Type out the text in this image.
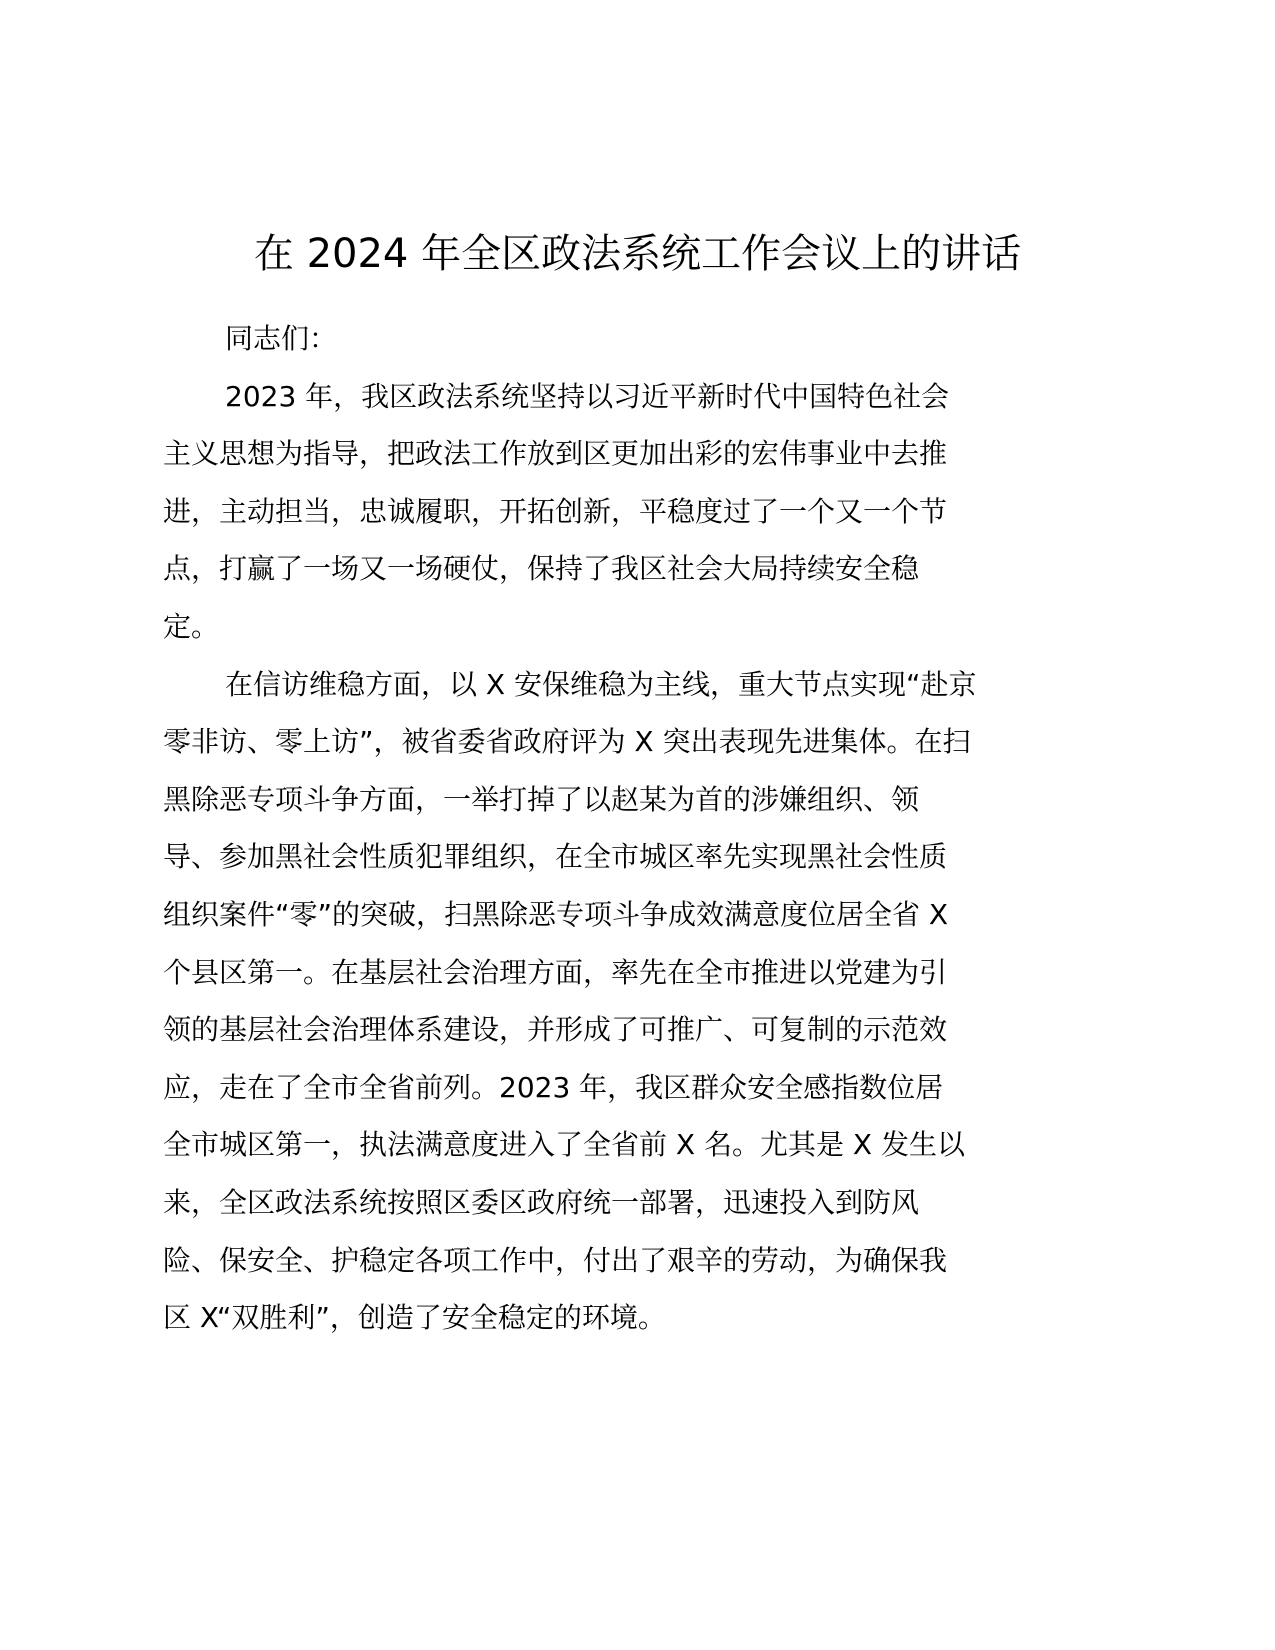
在 2024 年全区政法系统工作会议上的讲话

同志们：

2023 年，我区政法系统坚持以习近平新时代中国特色社会
主义思想为指导，把政法工作放到区更加出彩的宏伟事业中去推
进，主动担当，忠诚履职，开拓创新，平稳度过了一个又一个节
点，打赢了一场又一场硬仗，保持了我区社会大局持续安全稳
定。

在信访维稳方面，以 X 安保维稳为主线，重大节点实现“赴京
零非访、零上访”，被省委省政府评为 X 突出表现先进集体。在扫
黑除恶专项斗争方面，一举打掉了以赵某为首的涉嫌组织、领
导、参加黑社会性质犯罪组织，在全市城区率先实现黑社会性质
组织案件“零”的突破，扫黑除恶专项斗争成效满意度位居全省 X
个县区第一。在基层社会治理方面，率先在全市推进以党建为引
领的基层社会治理体系建设，并形成了可推广、可复制的示范效
应，走在了全市全省前列。2023 年，我区群众安全感指数位居
全市城区第一，执法满意度进入了全省前 X 名。尤其是 X 发生以
来，全区政法系统按照区委区政府统一部署，迅速投入到防风
险、保安全、护稳定各项工作中，付出了艰辛的劳动，为确保我
区 X“双胜利”，创造了安全稳定的环境。
